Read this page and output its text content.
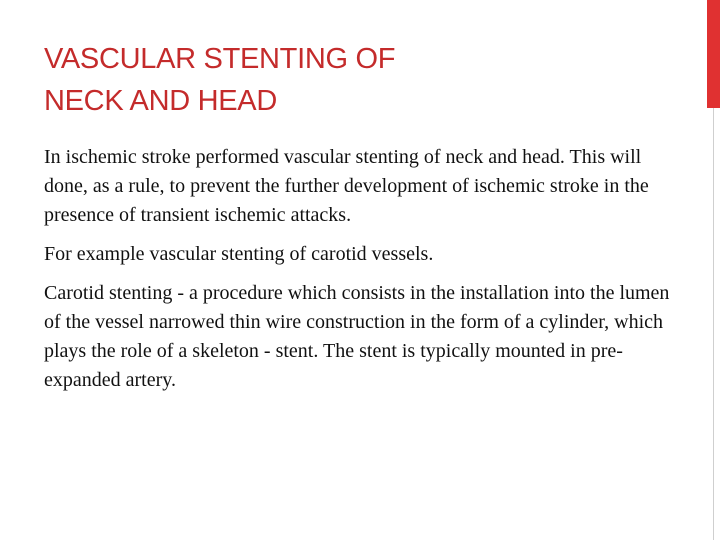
VASCULAR STENTING OF
NECK AND HEAD

In ischemic stroke performed vascular stenting of neck and head. This will done, as a rule, to prevent the further development of ischemic stroke in the presence of transient ischemic attacks.

For example vascular stenting of carotid vessels.

Carotid stenting - a procedure which consists in the installation into the lumen of the vessel narrowed thin wire construction in the form of a cylinder, which plays the role of a skeleton - stent. The stent is typically mounted in pre-expanded artery.
